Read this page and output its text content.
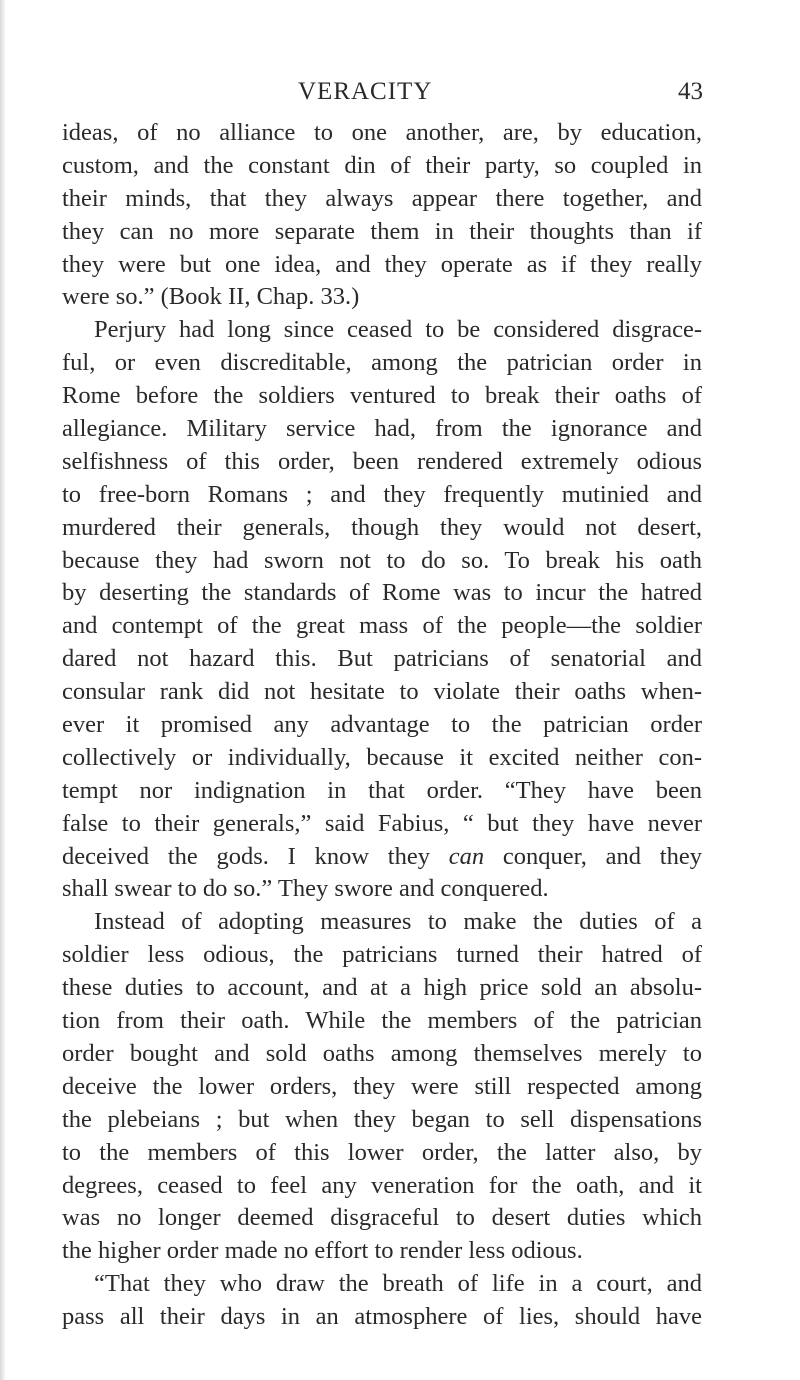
VERACITY	43
ideas, of no alliance to one another, are, by education,
custom, and the constant din of their party, so coupled in
their minds, that they always appear there together, and
they can no more separate them in their thoughts than if
they were but one idea, and they operate as if they really
were so.” (Book II, Chap. 33.)
Perjury had long since ceased to be considered disgrace-
ful, or even discreditable, among the patrician order in
Rome before the soldiers ventured to break their oaths of
allegiance. Military service had, from the ignorance and
selfishness of this order, been rendered extremely odious
to free-born Romans ; and they frequently mutinied and
murdered their generals, though they would not desert,
because they had sworn not to do so. To break his oath
by deserting the standards of Rome was to incur the hatred
and contempt of the great mass of the people—the soldier
dared not hazard this. But patricians of senatorial and
consular rank did not hesitate to violate their oaths when-
ever it promised any advantage to the patrician order
collectively or individually, because it excited neither con-
tempt nor indignation in that order. “They have been
false to their generals,” said Fabius, “ but they have never
deceived the gods. I know they can conquer, and they
shall swear to do so.” They swore and conquered.
Instead of adopting measures to make the duties of a
soldier less odious, the patricians turned their hatred of
these duties to account, and at a high price sold an absolu-
tion from their oath. While the members of the patrician
order bought and sold oaths among themselves merely to
deceive the lower orders, they were still respected among
the plebeians ; but when they began to sell dispensations
to the members of this lower order, the latter also, by
degrees, ceased to feel any veneration for the oath, and it
was no longer deemed disgraceful to desert duties which
the higher order made no effort to render less odious.
“That they who draw the breath of life in a court, and
pass all their days in an atmosphere of lies, should have
